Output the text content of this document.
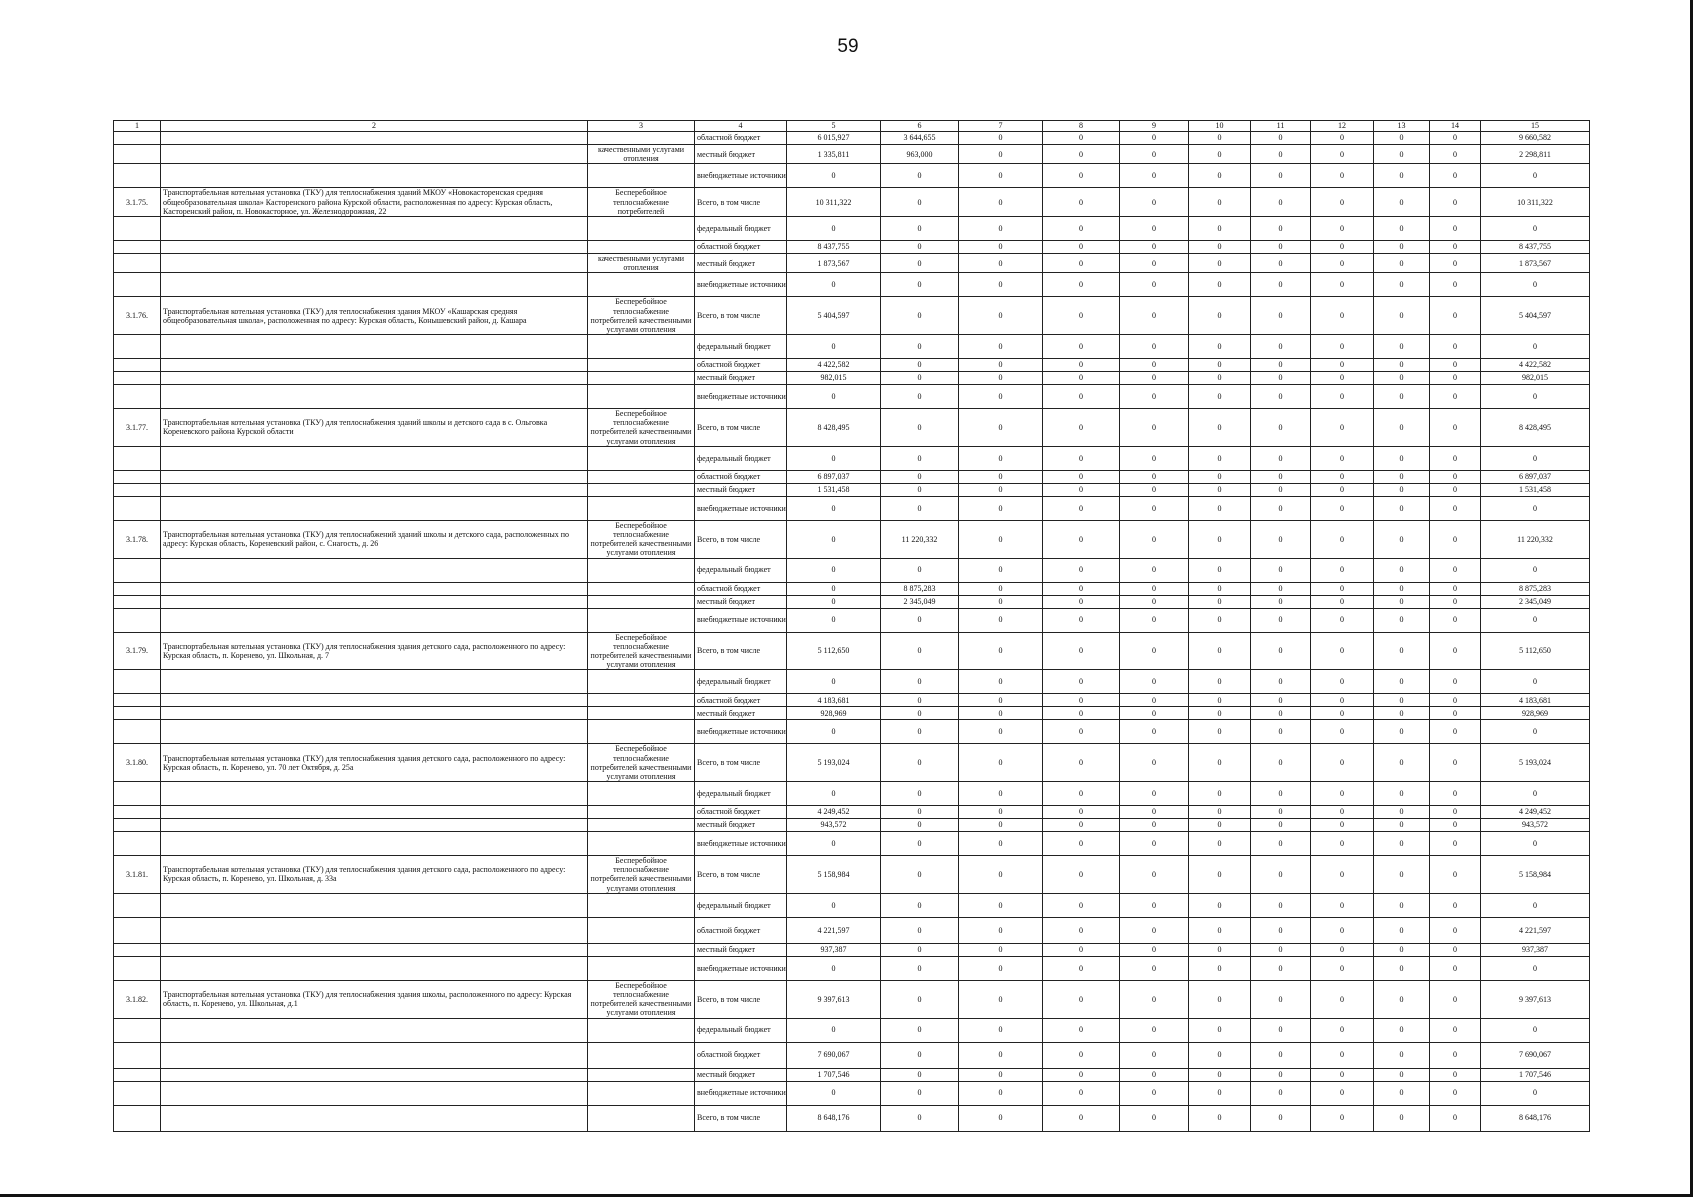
59
1	2	3	4	5	6	7	8	9	10	11	12	13	14	15
			областной бюджет	6 015,927	3 644,655	0	0	0	0	0	0	0	0	9 660,582
		качественными услугами отопления	местный бюджет	1 335,811	963,000	0	0	0	0	0	0	0	0	2 298,811
			внебюджетные источники	0	0	0	0	0	0	0	0	0	0	0
3.1.75.	Транспортабельная котельная установка (ТКУ) для теплоснабжения зданий МКОУ «Новокасторенская средняя общеобразовательная школа» Касторенского района Курской области, расположенная по адресу: Курская область, Касторенский район, п. Новокасторное, ул. Железнодорожная, 22	Бесперебойное теплоснабжение потребителей	Всего, в том числе	10 311,322	0	0	0	0	0	0	0	0	0	10 311,322
			федеральный бюджет	0	0	0	0	0	0	0	0	0	0	0
			областной бюджет	8 437,755	0	0	0	0	0	0	0	0	0	8 437,755
		качественными услугами отопления	местный бюджет	1 873,567	0	0	0	0	0	0	0	0	0	1 873,567
			внебюджетные источники	0	0	0	0	0	0	0	0	0	0	0
3.1.76.	Транспортабельная котельная установка (ТКУ) для теплоснабжения здания МКОУ «Кашарская средняя общеобразовательная школа», расположенная по адресу: Курская область, Конышевский район, д. Кашара	Бесперебойное теплоснабжение потребителей качественными услугами отопления	Всего, в том числе	5 404,597	0	0	0	0	0	0	0	0	0	5 404,597
			федеральный бюджет	0	0	0	0	0	0	0	0	0	0	0
			областной бюджет	4 422,582	0	0	0	0	0	0	0	0	0	4 422,582
			местный бюджет	982,015	0	0	0	0	0	0	0	0	0	982,015
			внебюджетные источники	0	0	0	0	0	0	0	0	0	0	0
3.1.77.	Транспортабельная котельная установка (ТКУ) для теплоснабжения зданий школы и детского сада в с. Ольговка Кореневского района Курской области	Бесперебойное теплоснабжение потребителей качественными услугами отопления	Всего, в том числе	8 428,495	0	0	0	0	0	0	0	0	0	8 428,495
			федеральный бюджет	0	0	0	0	0	0	0	0	0	0	0
			областной бюджет	6 897,037	0	0	0	0	0	0	0	0	0	6 897,037
			местный бюджет	1 531,458	0	0	0	0	0	0	0	0	0	1 531,458
			внебюджетные источники	0	0	0	0	0	0	0	0	0	0	0
3.1.78.	Транспортабельная котельная установка (ТКУ) для теплоснабжений зданий школы и детского сада, расположенных по адресу: Курская область, Кореневский район, с. Снагость, д. 26	Бесперебойное теплоснабжение потребителей качественными услугами отопления	Всего, в том числе	0	11 220,332	0	0	0	0	0	0	0	0	11 220,332
			федеральный бюджет	0	0	0	0	0	0	0	0	0	0	0
			областной бюджет	0	8 875,283	0	0	0	0	0	0	0	0	8 875,283
			местный бюджет	0	2 345,049	0	0	0	0	0	0	0	0	2 345,049
			внебюджетные источники	0	0	0	0	0	0	0	0	0	0	0
3.1.79.	Транспортабельная котельная установка (ТКУ) для теплоснабжения здания детского сада, расположенного по адресу: Курская область, п. Коренево, ул. Школьная, д. 7	Бесперебойное теплоснабжение потребителей качественными услугами отопления	Всего, в том числе	5 112,650	0	0	0	0	0	0	0	0	0	5 112,650
			федеральный бюджет	0	0	0	0	0	0	0	0	0	0	0
			областной бюджет	4 183,681	0	0	0	0	0	0	0	0	0	4 183,681
			местный бюджет	928,969	0	0	0	0	0	0	0	0	0	928,969
			внебюджетные источники	0	0	0	0	0	0	0	0	0	0	0
3.1.80.	Транспортабельная котельная установка (ТКУ) для теплоснабжения здания детского сада, расположенного по адресу: Курская область, п. Коренево, ул. 70 лет Октября, д. 25а	Бесперебойное теплоснабжение потребителей качественными услугами отопления	Всего, в том числе	5 193,024	0	0	0	0	0	0	0	0	0	5 193,024
			федеральный бюджет	0	0	0	0	0	0	0	0	0	0	0
			областной бюджет	4 249,452	0	0	0	0	0	0	0	0	0	4 249,452
			местный бюджет	943,572	0	0	0	0	0	0	0	0	0	943,572
			внебюджетные источники	0	0	0	0	0	0	0	0	0	0	0
3.1.81.	Транспортабельная котельная установка (ТКУ) для теплоснабжения здания детского сада, расположенного по адресу: Курская область, п. Коренево, ул. Школьная, д. 33а	Бесперебойное теплоснабжение потребителей качественными услугами отопления	Всего, в том числе	5 158,984	0	0	0	0	0	0	0	0	0	5 158,984
			федеральный бюджет	0	0	0	0	0	0	0	0	0	0	0
			областной бюджет	4 221,597	0	0	0	0	0	0	0	0	0	4 221,597
			местный бюджет	937,387	0	0	0	0	0	0	0	0	0	937,387
			внебюджетные источники	0	0	0	0	0	0	0	0	0	0	0
3.1.82.	Транспортабельная котельная установка (ТКУ) для теплоснабжения здания школы, расположенного по адресу: Курская область, п. Коренево, ул. Школьная, д.1	Бесперебойное теплоснабжение потребителей качественными услугами отопления	Всего, в том числе	9 397,613	0	0	0	0	0	0	0	0	0	9 397,613
			федеральный бюджет	0	0	0	0	0	0	0	0	0	0	0
			областной бюджет	7 690,067	0	0	0	0	0	0	0	0	0	7 690,067
			местный бюджет	1 707,546	0	0	0	0	0	0	0	0	0	1 707,546
			внебюджетные источники	0	0	0	0	0	0	0	0	0	0	0
			Всего, в том числе	8 648,176	0	0	0	0	0	0	0	0	0	8 648,176
